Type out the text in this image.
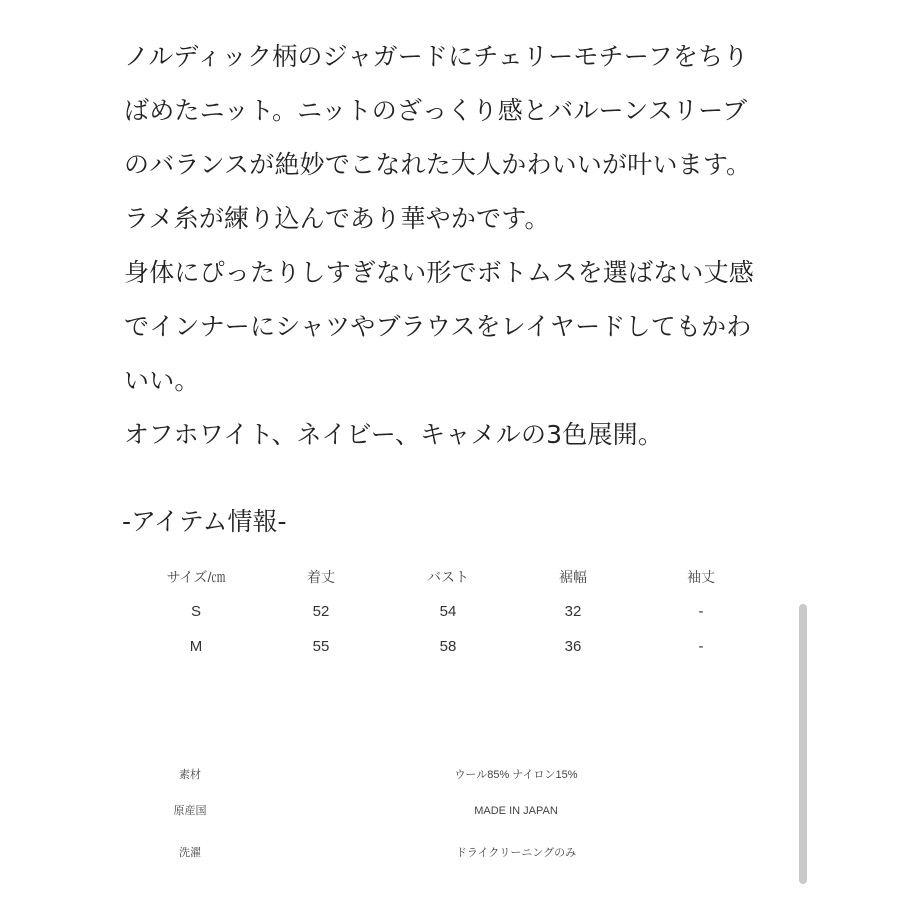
ノルディック柄のジャガードにチェリーモチーフをちり
ばめたニット。ニットのざっくり感とバルーンスリーブ
のバランスが絶妙でこなれた大人かわいいが叶います。
ラメ糸が練り込んであり華やかです。
身体にぴったりしすぎない形でボトムスを選ばない丈感
でインナーにシャツやブラウスをレイヤードしてもかわ
いい。
オフホワイト、ネイビー、キャメルの3色展開。
-アイテム情報-
サイズ/㎝	着丈	バスト	裾幅	袖丈
S	52	54	32	-
M	55	58	36	-
素材	ウール85% ナイロン15%
原産国	MADE IN JAPAN
洗濯	ドライクリーニングのみ
